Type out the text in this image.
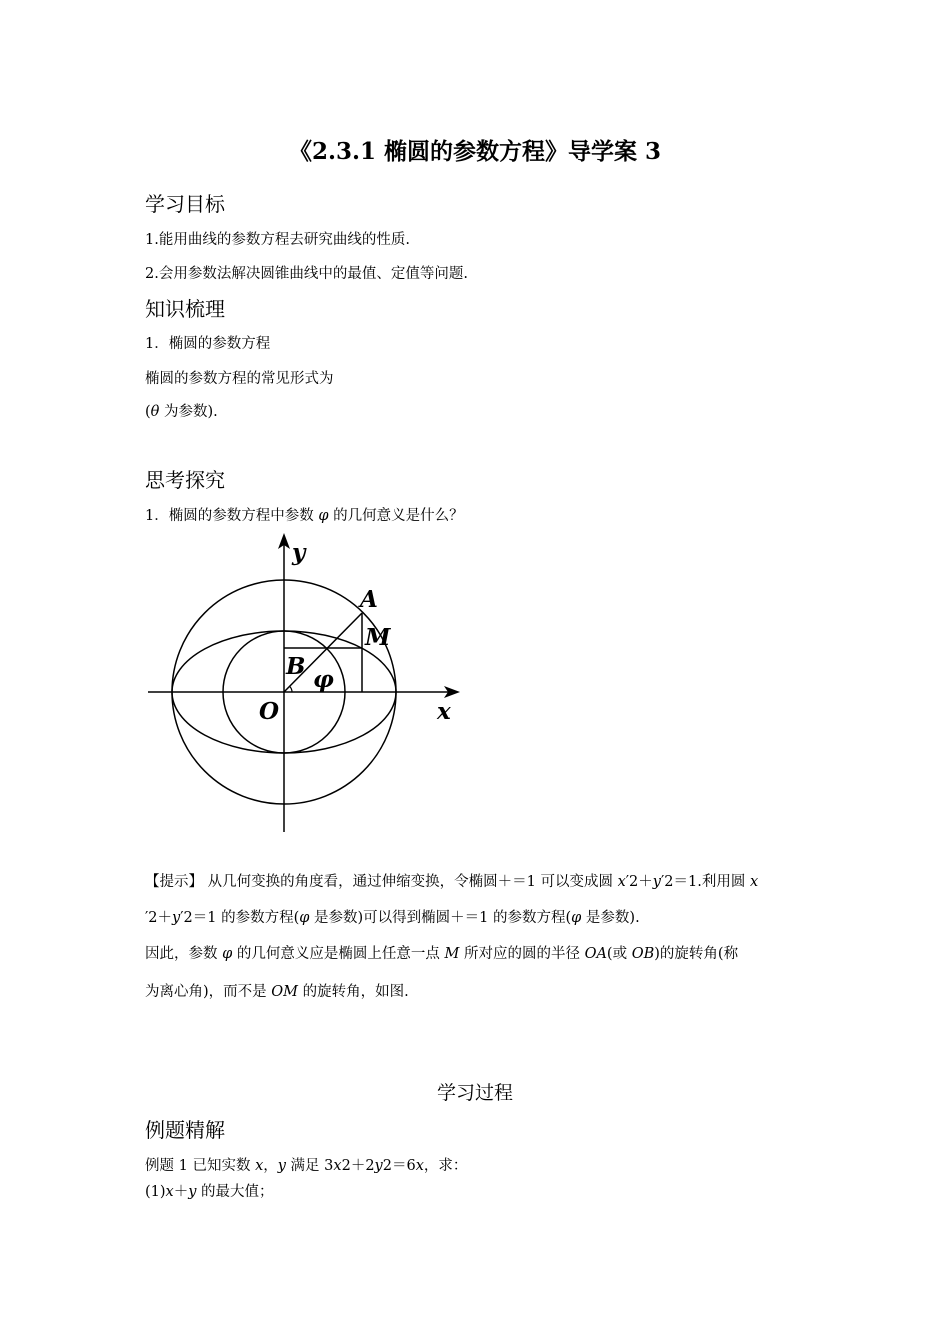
《2.3.1 椭圆的参数方程》导学案 3
学习目标
1.能用曲线的参数方程去研究曲线的性质.
2.会用参数法解决圆锥曲线中的最值、定值等问题.
知识梳理
1．椭圆的参数方程
椭圆的参数方程的常见形式为
(θ 为参数).
思考探究
1．椭圆的参数方程中参数 φ 的几何意义是什么？
y
x
A
M
B
O
φ
【提示】 从几何变换的角度看，通过伸缩变换，令椭圆＋＝1 可以变成圆 x′2＋y′2＝1.利用圆 x
′2＋y′2＝1 的参数方程(φ 是参数)可以得到椭圆＋＝1 的参数方程(φ 是参数).
因此，参数 φ 的几何意义应是椭圆上任意一点 M 所对应的圆的半径 OA(或 OB)的旋转角(称
为离心角)，而不是 OM 的旋转角，如图.
学习过程
例题精解
例题 1 已知实数 x，y 满足 3x2＋2y2＝6x，求：
(1)x＋y 的最大值；
